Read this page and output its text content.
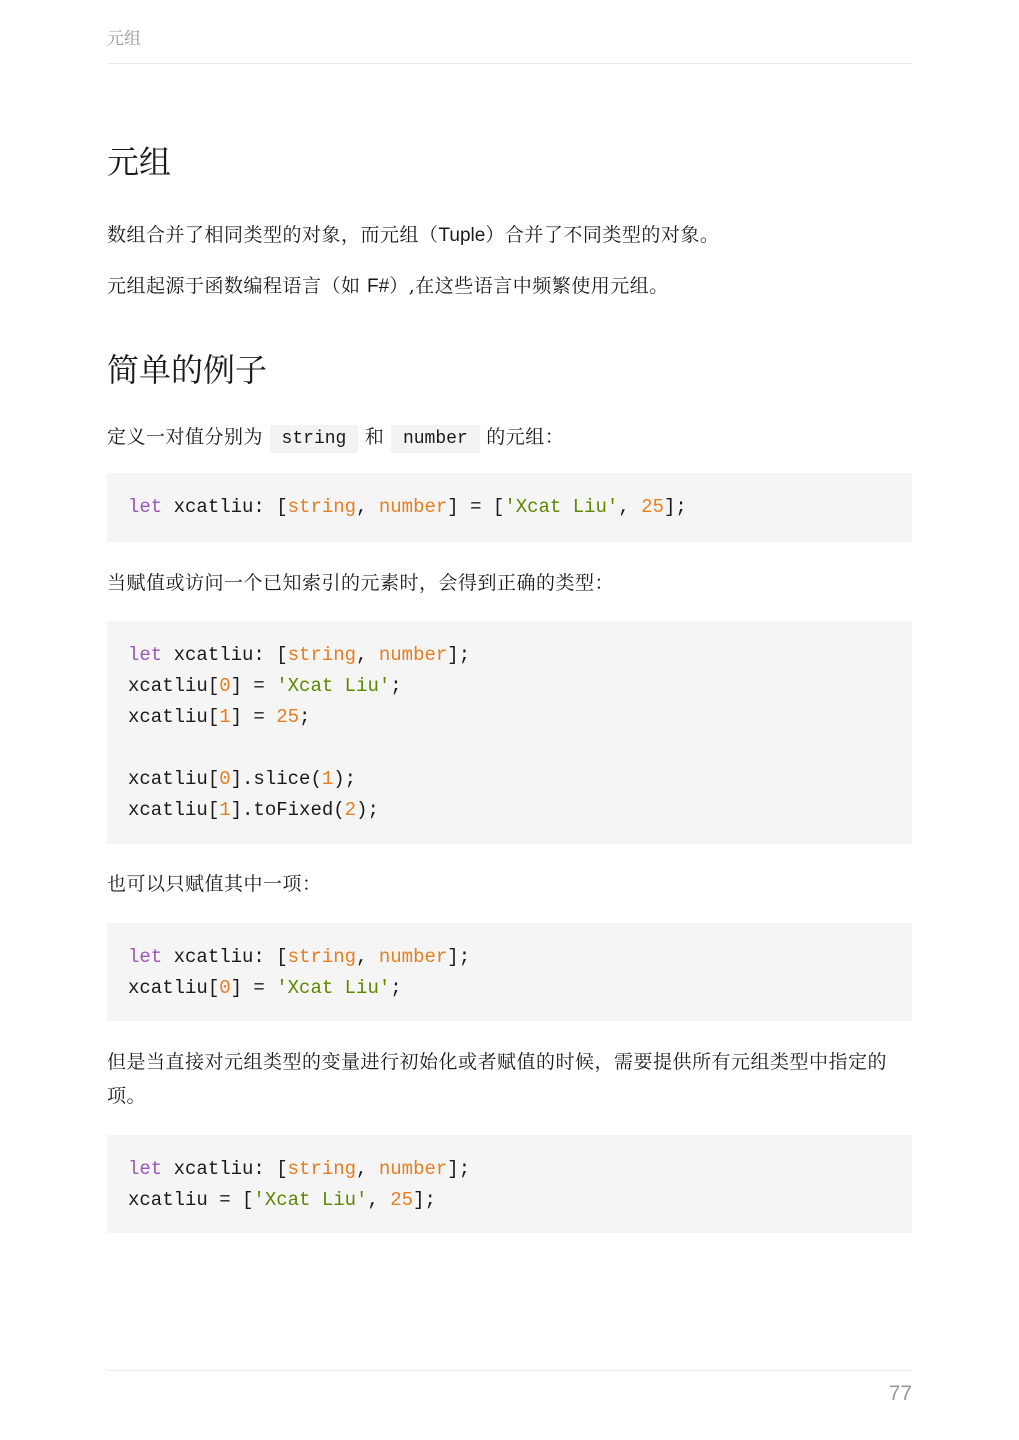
元组
元组

数组合并了相同类型的对象，而元组（Tuple）合并了不同类型的对象。

元组起源于函数编程语言（如 F#）,在这些语言中频繁使用元组。

简单的例子

定义一对值分别为 string 和 number 的元组：

let xcatliu: [string, number] = ['Xcat Liu', 25];

当赋值或访问一个已知索引的元素时，会得到正确的类型：

let xcatliu: [string, number];
xcatliu[0] = 'Xcat Liu';
xcatliu[1] = 25;
xcatliu[0].slice(1);
xcatliu[1].toFixed(2);

也可以只赋值其中一项：

let xcatliu: [string, number];
xcatliu[0] = 'Xcat Liu';

但是当直接对元组类型的变量进行初始化或者赋值的时候，需要提供所有元组类型中指定的项。

let xcatliu: [string, number];
xcatliu = ['Xcat Liu', 25];
77
